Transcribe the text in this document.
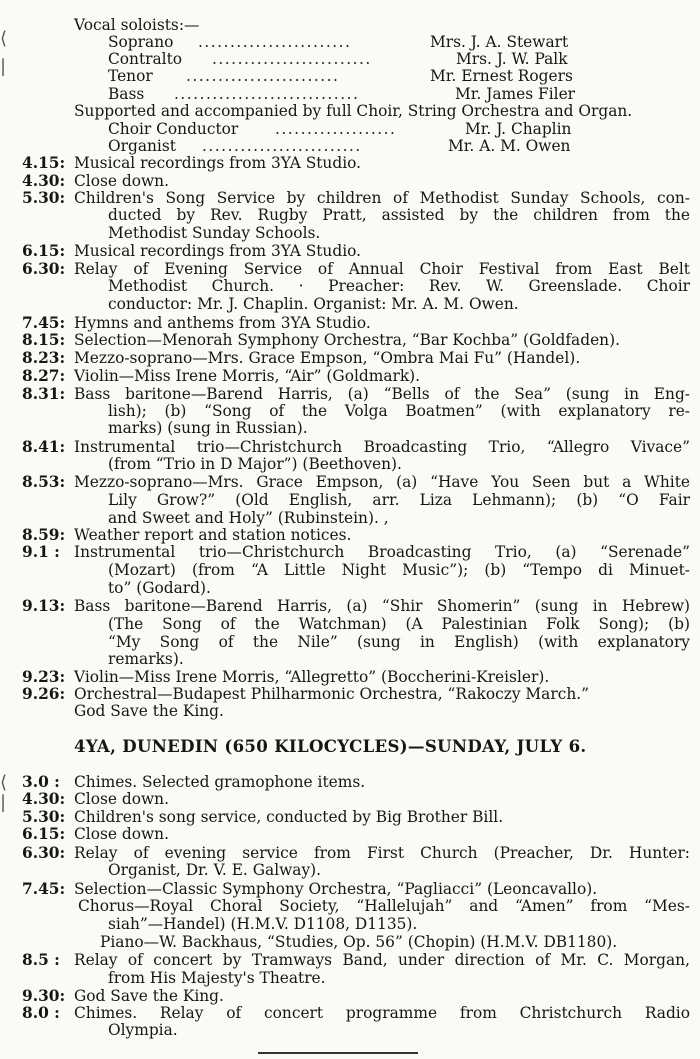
⟨
|
⟨
|
Vocal soloists:—
Soprano ........................	Mrs. J. A. Stewart
Contralto .........................	Mrs. J. W. Palk
Tenor ........................	Mr. Ernest Rogers
Bass .............................	Mr. James Filer
Supported and accompanied by full Choir, String Orchestra and Organ.
Choir Conductor ...................	Mr. J. Chaplin
Organist .........................	Mr. A. M. Owen
4.15: Musical recordings from 3YA Studio.
4.30: Close down.
5.30: Children's Song Service by children of Methodist Sunday Schools, con-
ducted by Rev. Rugby Pratt, assisted by the children from the
Methodist Sunday Schools.
6.15: Musical recordings from 3YA Studio.
6.30: Relay of Evening Service of Annual Choir Festival from East Belt
Methodist Church. · Preacher: Rev. W. Greenslade. Choir
conductor: Mr. J. Chaplin. Organist: Mr. A. M. Owen.
7.45: Hymns and anthems from 3YA Studio.
8.15: Selection—Menorah Symphony Orchestra, “Bar Kochba” (Goldfaden).
8.23: Mezzo-soprano—Mrs. Grace Empson, “Ombra Mai Fu” (Handel).
8.27: Violin—Miss Irene Morris, “Air” (Goldmark).
8.31: Bass baritone—Barend Harris, (a) “Bells of the Sea” (sung in Eng-
lish); (b) “Song of the Volga Boatmen” (with explanatory re-
marks) (sung in Russian).
8.41: Instrumental trio—Christchurch Broadcasting Trio, “Allegro Vivace”
(from “Trio in D Major”) (Beethoven).
8.53: Mezzo-soprano—Mrs. Grace Empson, (a) “Have You Seen but a White
Lily Grow?” (Old English, arr. Liza Lehmann); (b) “O Fair
and Sweet and Holy” (Rubinstein). ,
8.59: Weather report and station notices.
9.1 : Instrumental trio—Christchurch Broadcasting Trio, (a) “Serenade”
(Mozart) (from “A Little Night Music”); (b) “Tempo di Minuet-
to” (Godard).
9.13: Bass baritone—Barend Harris, (a) “Shir Shomerin” (sung in Hebrew)
(The Song of the Watchman) (A Palestinian Folk Song); (b)
“My Song of the Nile” (sung in English) (with explanatory
remarks).
9.23: Violin—Miss Irene Morris, “Allegretto” (Boccherini-Kreisler).
9.26: Orchestral—Budapest Philharmonic Orchestra, “Rakoczy March.”
God Save the King.
4YA, DUNEDIN (650 KILOCYCLES)—SUNDAY, JULY 6.
3.0 : Chimes. Selected gramophone items.
4.30: Close down.
5.30: Children's song service, conducted by Big Brother Bill.
6.15: Close down.
6.30: Relay of evening service from First Church (Preacher, Dr. Hunter:
Organist, Dr. V. E. Galway).
7.45: Selection—Classic Symphony Orchestra, “Pagliacci” (Leoncavallo).
Chorus—Royal Choral Society, “Hallelujah” and “Amen” from “Mes-
siah”—Handel) (H.M.V. D1108, D1135).
Piano—W. Backhaus, “Studies, Op. 56” (Chopin) (H.M.V. DB1180).
8.5 : Relay of concert by Tramways Band, under direction of Mr. C. Morgan,
from His Majesty's Theatre.
9.30: God Save the King.
8.0 : Chimes. Relay of concert programme from Christchurch Radio
Olympia.
